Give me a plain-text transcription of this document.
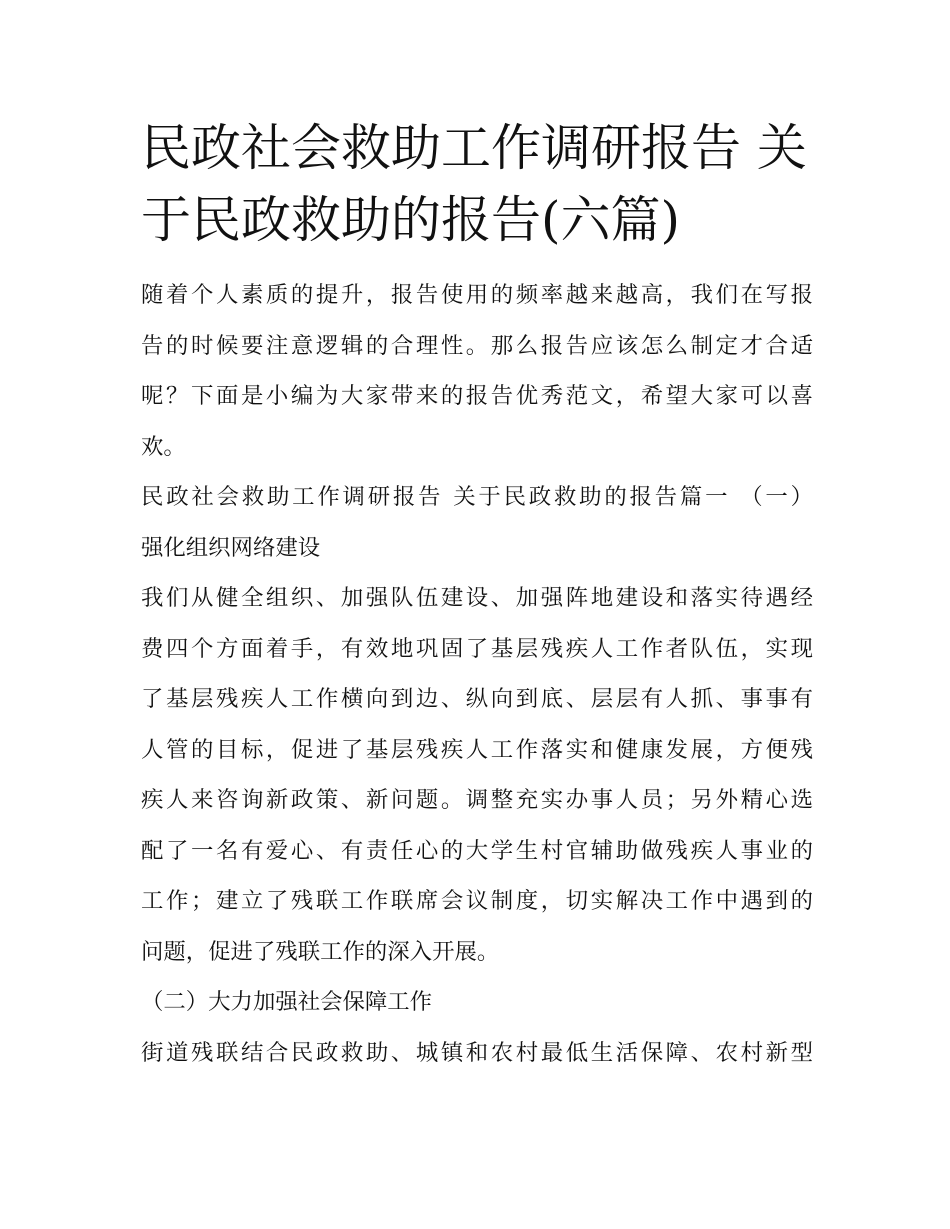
民政社会救助工作调研报告 关
于民政救助的报告(六篇)

随着个人素质的提升，报告使用的频率越来越高，我们在写报
告的时候要注意逻辑的合理性。那么报告应该怎么制定才合适
呢？下面是小编为大家带来的报告优秀范文，希望大家可以喜
欢。

民政社会救助工作调研报告 关于民政救助的报告篇一 （一）
强化组织网络建设

我们从健全组织、加强队伍建设、加强阵地建设和落实待遇经
费四个方面着手，有效地巩固了基层残疾人工作者队伍，实现
了基层残疾人工作横向到边、纵向到底、层层有人抓、事事有
人管的目标，促进了基层残疾人工作落实和健康发展，方便残
疾人来咨询新政策、新问题。调整充实办事人员；另外精心选
配了一名有爱心、有责任心的大学生村官辅助做残疾人事业的
工作；建立了残联工作联席会议制度，切实解决工作中遇到的
问题，促进了残联工作的深入开展。

（二）大力加强社会保障工作

街道残联结合民政救助、城镇和农村最低生活保障、农村新型
